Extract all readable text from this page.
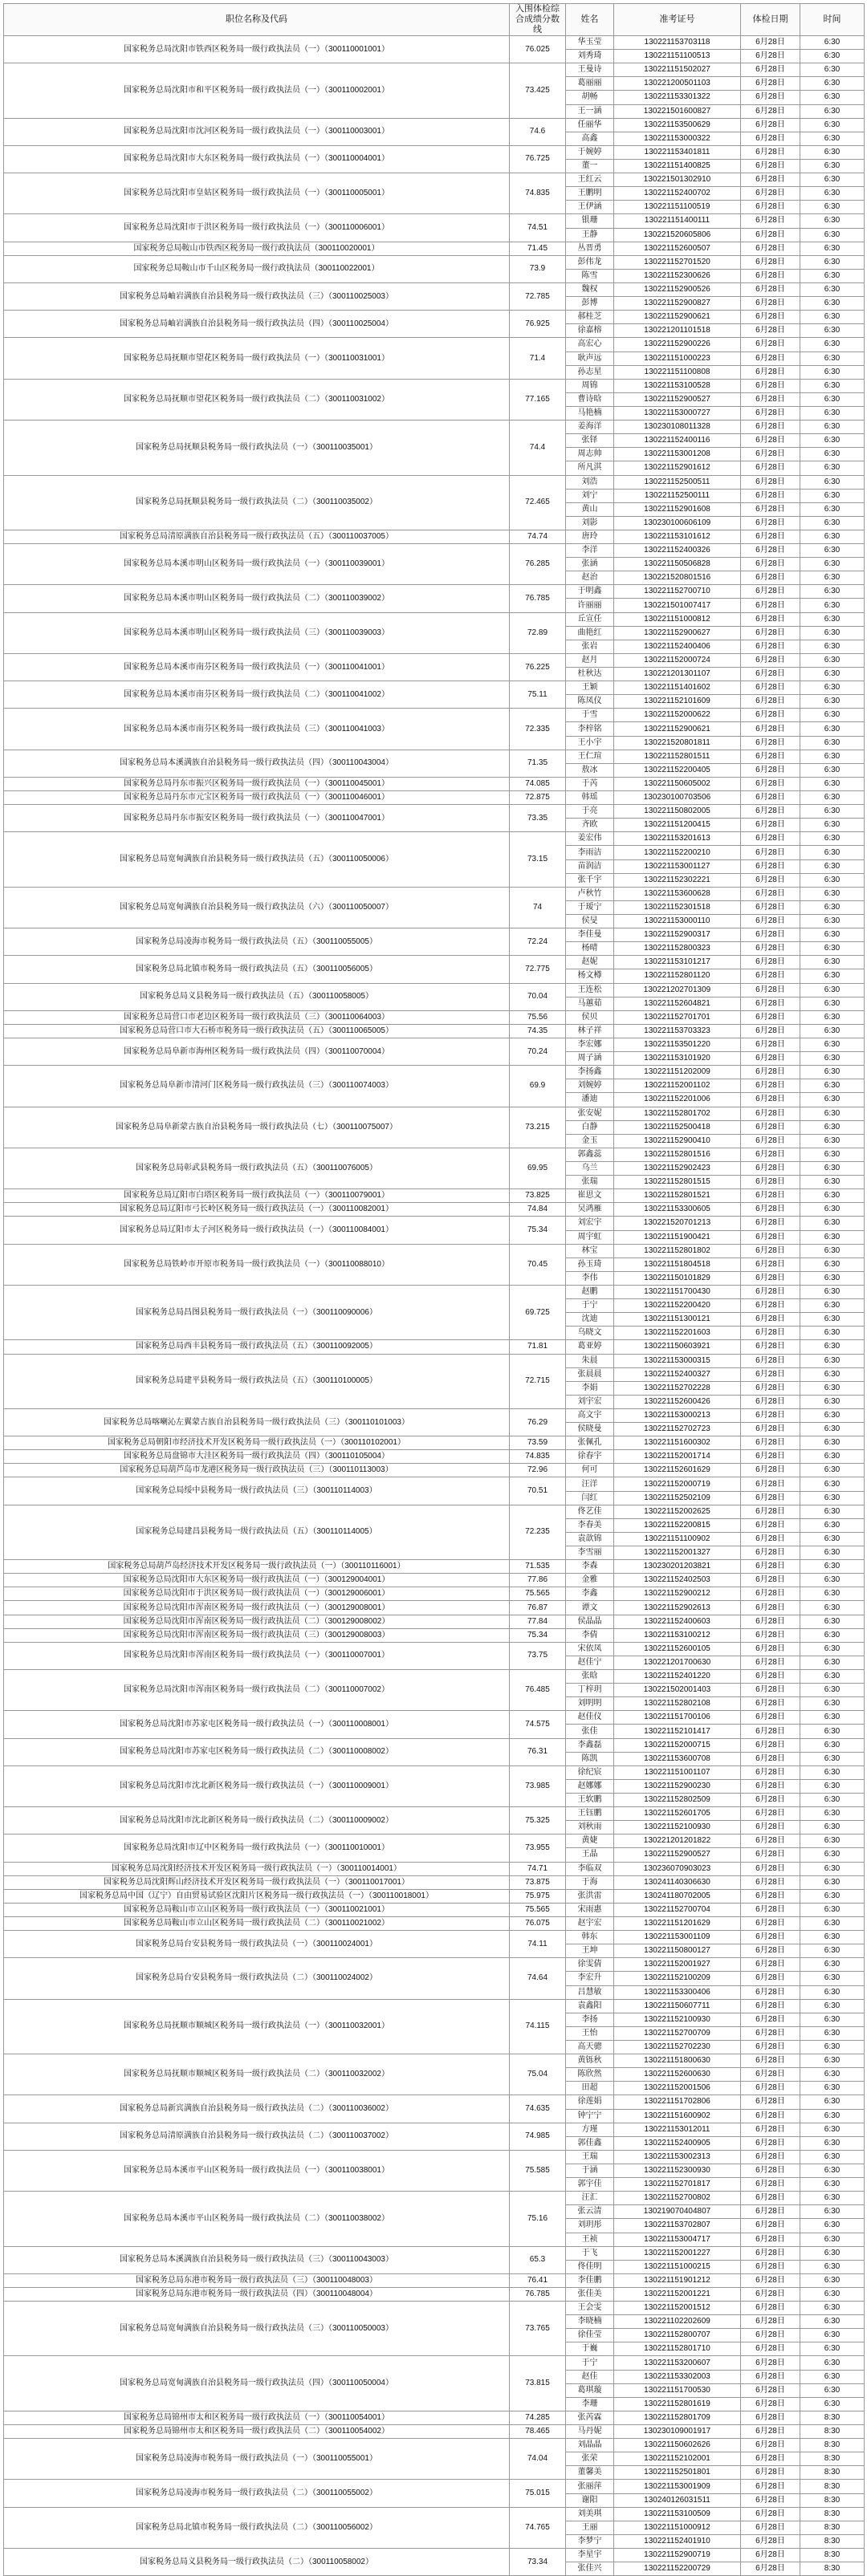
职位名称及代码	入围体检综合成绩分数线	姓名	准考证号	体检日期	时间
国家税务总局沈阳市铁西区税务局一级行政执法员（一）（300110001001）	76.025	华玉莹	130221153703118	6月28日	6:30
		刘秀琦	130221151100513	6月28日	6:30
国家税务总局沈阳市和平区税务局一级行政执法员（一）（300110002001）	73.425	王曼诗	130221151502027	6月28日	6:30
		葛丽丽	130221200501103	6月28日	6:30
		胡畅	130221153301322	6月28日	6:30
		王一涵	130221501600827	6月28日	6:30
国家税务总局沈阳市沈河区税务局一级行政执法员（一）（300110003001）	74.6	任丽华	130221153500629	6月28日	6:30
		高鑫	130221153000322	6月28日	6:30
国家税务总局沈阳市大东区税务局一级行政执法员（一）（300110004001）	76.725	于婉婷	130221153401811	6月28日	6:30
		董一	130221151400825	6月28日	6:30
国家税务总局沈阳市皇姑区税务局一级行政执法员（一）（300110005001）	74.835	王红云	130221501302910	6月28日	6:30
		王鹏明	130221152400702	6月28日	6:30
		王伊涵	130221151100519	6月28日	6:30
国家税务总局沈阳市于洪区税务局一级行政执法员（一）（300110006001）	74.51	银珊	130221151400111	6月28日	6:30
		王静	130221520605806	6月28日	6:30
国家税务总局鞍山市铁西区税务局一级行政执法员（300110020001）	71.45	丛晋勇	130221152600507	6月28日	6:30
国家税务总局鞍山市千山区税务局一级行政执法员（300110022001）	73.9	彭伟龙	130221152701520	6月28日	6:30
		陈雪	130221152300626	6月28日	6:30
国家税务总局岫岩满族自治县税务局一级行政执法员（三）（300110025003）	72.785	魏权	130221152900526	6月28日	6:30
		彭博	130221152900827	6月28日	6:30
国家税务总局岫岩满族自治县税务局一级行政执法员（四）（300110025004）	76.925	郝桂芝	130221152900621	6月28日	6:30
		徐嘉榕	130221201101518	6月28日	6:30
国家税务总局抚顺市望花区税务局一级行政执法员（一）（300110031001）	71.4	高宏心	130221152900226	6月28日	6:30
		耿声远	130221151000223	6月28日	6:30
		孙志星	130221151100808	6月28日	6:30
国家税务总局抚顺市望花区税务局一级行政执法员（二）（300110031002）	77.165	周锦	130221153100528	6月28日	6:30
		曹诗晗	130221152900527	6月28日	6:30
		马艳楠	130221153000727	6月28日	6:30
国家税务总局抚顺县税务局一级行政执法员（一）（300110035001）	74.4	姜海洋	130230108011328	6月28日	6:30
		张铎	130221152400116	6月28日	6:30
		周志帅	130221153001208	6月28日	6:30
		所凡淇	130221152901612	6月28日	6:30
国家税务总局抚顺县税务局一级行政执法员（二）（300110035002）	72.465	刘浩	130221152500511	6月28日	6:30
		刘宁	130221152500111	6月28日	6:30
		黄山	130221152901608	6月28日	6:30
		刘影	130230100606109	6月28日	6:30
国家税务总局清原满族自治县税务局一级行政执法员（五）（300110037005）	74.74	唐玲	130221153101612	6月28日	6:30
国家税务总局本溪市明山区税务局一级行政执法员（一）（300110039001）	76.285	李洋	130221152400326	6月28日	6:30
		张涵	130221150506828	6月28日	6:30
		赵治	130221520801516	6月28日	6:30
国家税务总局本溪市明山区税务局一级行政执法员（二）（300110039002）	76.785	于明鑫	130221152700710	6月28日	6:30
		许丽丽	130221501007417	6月28日	6:30
国家税务总局本溪市明山区税务局一级行政执法员（三）（300110039003）	72.89	丘宣任	130221151000812	6月28日	6:30
		曲艳红	130221152900627	6月28日	6:30
		张岩	130221152400406	6月28日	6:30
国家税务总局本溪市南芬区税务局一级行政执法员（一）（300110041001）	76.225	赵月	130221152000724	6月28日	6:30
		杜秋达	130221201301107	6月28日	6:30
国家税务总局本溪市南芬区税务局一级行政执法员（二）（300110041002）	75.11	王颖	130221151401602	6月28日	6:30
		陈凤仪	130221152101609	6月28日	6:30
国家税务总局本溪市南芬区税务局一级行政执法员（三）（300110041003）	72.335	于雪	130221152000622	6月28日	6:30
		李梓铭	130221152900621	6月28日	6:30
		王小宇	130221520801811	6月28日	6:30
国家税务总局本溪满族自治县税务局一级行政执法员（四）（300110043004）	71.35	王仁瑄	130221152801511	6月28日	6:30
		敖冰	130221152200405	6月28日	6:30
国家税务总局丹东市振兴区税务局一级行政执法员（一）（300110045001）	74.085	于芮	130221150605002	6月28日	6:30
国家税务总局丹东市元宝区税务局一级行政执法员（一）（300110046001）	72.875	韩瑶	130230100703506	6月28日	6:30
国家税务总局丹东市振安区税务局一级行政执法员（一）（300110047001）	73.35	于亮	130221150802005	6月28日	6:30
		齐欧	130221151200415	6月28日	6:30
国家税务总局宽甸满族自治县税务局一级行政执法员（五）（300110050006）	73.15	姜宏伟	130221153201613	6月28日	6:30
		李雨洁	130221152200210	6月28日	6:30
		苗润洁	130221153001127	6月28日	6:30
		张千宇	130221152302221	6月28日	6:30
国家税务总局宽甸满族自治县税务局一级行政执法员（六）（300110050007）	74	卢秋竹	130221153600628	6月28日	6:30
		于瑷宁	130221152301518	6月28日	6:30
		侯旻	130221153000110	6月28日	6:30
国家税务总局凌海市税务局一级行政执法员（五）（300110055005）	72.24	李佳曼	130221152900317	6月28日	6:30
		杨晴	130221152800323	6月28日	6:30
国家税务总局北镇市税务局一级行政执法员（五）（300110056005）	72.775	赵妮	130221153101217	6月28日	6:30
		杨文樽	130221152801120	6月28日	6:30
国家税务总局义县税务局一级行政执法员（五）（300110058005）	70.04	王连松	130221202701309	6月28日	6:30
		马蕙茹	130221152604821	6月28日	6:30
国家税务总局营口市老边区税务局一级行政执法员（三）（300110064003）	75.56	侯贝	130221152701701	6月28日	6:30
国家税务总局营口市大石桥市税务局一级行政执法员（五）（300110065005）	74.35	林子祥	130221153703323	6月28日	6:30
国家税务总局阜新市海州区税务局一级行政执法员（四）（300110070004）	70.24	李宏娜	130221153501220	6月28日	6:30
		周子涵	130221153101920	6月28日	6:30
国家税务总局阜新市清河门区税务局一级行政执法员（三）（300110074003）	69.9	李扬鑫	130221151202009	6月28日	6:30
		刘婉婷	130221152001102	6月28日	6:30
		潘迪	130221152201006	6月28日	6:30
国家税务总局阜新蒙古族自治县税务局一级行政执法员（七）（300110075007）	73.215	张安妮	130221152801702	6月28日	6:30
		白静	130221152500418	6月28日	6:30
		金玉	130221152900410	6月28日	6:30
国家税务总局彰武县税务局一级行政执法员（五）（300110076005）	69.95	郭鑫蕊	130221152801516	6月28日	6:30
		乌兰	130221152902423	6月28日	6:30
		张瑞	130221152801515	6月28日	6:30
国家税务总局辽阳市白塔区税务局一级行政执法员（一）（300110079001）	73.825	崔思文	130221152801521	6月28日	6:30
国家税务总局辽阳市弓长岭区税务局一级行政执法员（一）（300110082001）	74.84	吴鸿雁	130221153300605	6月28日	6:30
国家税务总局辽阳市太子河区税务局一级行政执法员（一）（300110084001）	75.34	刘宏宇	130221520701213	6月28日	6:30
		周宇虹	130221151900421	6月28日	6:30
国家税务总局铁岭市开原市税务局一级行政执法员（一）（300110088010）	70.45	林宝	130221152801802	6月28日	6:30
		孙玉琦	130221151804518	6月28日	6:30
		李伟	130221150101829	6月28日	6:30
国家税务总局昌图县税务局一级行政执法员（一）（300110090006）	69.725	赵鹏	130221151700430	6月28日	6:30
		于宁	130221152200420	6月28日	6:30
		沈迪	130221151300121	6月28日	6:30
		乌晓文	130221152201603	6月28日	6:30
国家税务总局西丰县税务局一级行政执法员（五）（300110092005）	71.81	葛亚婷	130221150603921	6月28日	6:30
国家税务总局建平县税务局一级行政执法员（五）（300110100005）	72.715	朱晨	130221153000315	6月28日	6:30
		张晨晨	130221152400327	6月28日	6:30
		李娟	130221152702228	6月28日	6:30
		刘宇宏	130221152600426	6月28日	6:30
国家税务总局喀喇沁左翼蒙古族自治县税务局一级行政执法员（三）（300110101003）	76.29	高文宇	130221153000213	6月28日	6:30
		侯晓曼	130221152702723	6月28日	6:30
国家税务总局朝阳市经济技术开发区税务局一级行政执法员（一）（300110102001）	73.59	张佩孔	130221151600302	6月28日	6:30
国家税务总局盘锦市大洼区税务局一级行政执法员（四）（300110105004）	74.835	徐春宇	130221152001714	6月28日	6:30
国家税务总局葫芦岛市龙港区税务局一级行政执法员（三）（300110113003）	72.96	何可	130221152601629	6月28日	6:30
国家税务总局绥中县税务局一级行政执法员（三）（300110114003）	70.51	汪洋	130221152000719	6月28日	6:30
		闫红	130221152502109	6月28日	6:30
国家税务总局建昌县税务局一级行政执法员（五）（300110114005）	72.235	佟艺佳	130221152002625	6月28日	6:30
		李春美	130221152200815	6月28日	6:30
		袁歆锦	130221151100902	6月28日	6:30
		李雪丽	130221152001327	6月28日	6:30
国家税务总局葫芦岛经济技术开发区税务局一级行政执法员（一）（300110116001）	71.535	李森	130230201203821	6月28日	6:30
国家税务总局沈阳市大东区税务局一级行政执法员（一）（300129004001）	77.86	金雅	130221152402503	6月28日	6:30
国家税务总局沈阳市于洪区税务局一级行政执法员（一）（300129006001）	75.565	李鑫	130221152900212	6月28日	6:30
国家税务总局沈阳市浑南区税务局一级行政执法员（一）（300129008001）	76.87	谭文	130221152902613	6月28日	6:30
国家税务总局沈阳市浑南区税务局一级行政执法员（二）（300129008002）	77.84	侯晶晶	130221152400603	6月28日	6:30
国家税务总局沈阳市浑南区税务局一级行政执法员（三）（300129008003）	75.34	李倩	130221153100212	6月28日	6:30
国家税务总局沈阳市浑南区税务局一级行政执法员（一）（300110007001）	73.75	宋依凤	130221152600105	6月28日	6:30
		赵佳宁	130221201700630	6月28日	6:30
国家税务总局沈阳市浑南区税务局一级行政执法员（二）（300110007002）	76.485	张晗	130221152401220	6月28日	6:30
		丁梓玥	130221502001403	6月28日	6:30
		刘明明	130221152802108	6月28日	6:30
国家税务总局沈阳市苏家屯区税务局一级行政执法员（一）（300110008001）	74.575	赵佳仪	130221151700106	6月28日	6:30
		张佳	130221152101417	6月28日	6:30
国家税务总局沈阳市苏家屯区税务局一级行政执法员（二）（300110008002）	76.31	李鑫磊	130221152000715	6月28日	6:30
		陈凯	130221153600708	6月28日	6:30
国家税务总局沈阳市沈北新区税务局一级行政执法员（一）（300110009001）	73.985	徐纪宸	130221151001107	6月28日	6:30
		赵娜娜	130221152900230	6月28日	6:30
		王软鹏	130221152802509	6月28日	6:30
国家税务总局沈阳市沈北新区税务局一级行政执法员（二）（300110009002）	75.325	王钰鹏	130221152601705	6月28日	6:30
		刘秋雨	130221152100930	6月28日	6:30
国家税务总局沈阳市辽中区税务局一级行政执法员（一）（300110010001）	73.955	黄婕	130221201201822	6月28日	6:30
		王晶	130221152900527	6月28日	6:30
国家税务总局沈阳经济技术开发区税务局一级行政执法员（一）（300110014001）	74.71	李临双	130236070903023	6月28日	6:30
国家税务总局沈阳辉山经济技术开发区税务局一级行政执法员（一）（300110017001）	73.875	于海	130241140306630	6月28日	6:30
国家税务总局中国（辽宁）自由贸易试验区沈阳片区税务局一级行政执法员（一）（300110018001）	75.975	张洪雷	130241180702005	6月28日	6:30
国家税务总局鞍山市立山区税务局一级行政执法员（一）（300110021001）	75.565	宋雨惠	130221152700704	6月28日	6:30
国家税务总局鞍山市立山区税务局一级行政执法员（二）（300110021002）	76.075	赵宇宏	130221151201629	6月28日	6:30
国家税务总局台安县税务局一级行政执法员（一）（300110024001）	74.11	韩东	130221153001109	6月28日	6:30
		王坤	130221150800127	6月28日	6:30
国家税务总局台安县税务局一级行政执法员（二）（300110024002）	74.64	徐雯倩	130221152001927	6月28日	6:30
		李宏升	130221152100209	6月28日	6:30
		吕慧敏	130221153300406	6月28日	6:30
国家税务总局抚顺市顺城区税务局一级行政执法员（一）（300110032001）	74.115	袁鑫阳	130221150607711	6月28日	6:30
		李扬	130221152100930	6月28日	6:30
		王怡	130221152700709	6月28日	6:30
		高天骢	130221152702230	6月28日	6:30
国家税务总局抚顺市顺城区税务局一级行政执法员（二）（300110032002）	75.04	黄铄秋	130221151800630	6月28日	6:30
		陈欣然	130221152600630	6月28日	6:30
		田超	130221152001506	6月28日	6:30
国家税务总局新宾满族自治县税务局一级行政执法员（二）（300110036002）	74.635	徐莲娟	130221151702806	6月28日	6:30
		钟宁宁	130221151600902	6月28日	6:30
国家税务总局清原满族自治县税务局一级行政执法员（二）（300110037002）	74.985	方瑾	130221153012011	6月28日	6:30
		郭佳鑫	130221152400905	6月28日	6:30
国家税务总局本溪市平山区税务局一级行政执法员（一）（300110038001）	75.585	王瑞	130221153002313	6月28日	6:30
		于涵	130221152300930	6月28日	6:30
		郭宇佳	130221152701817	6月28日	6:30
国家税务总局本溪市平山区税务局一级行政执法员（二）（300110038002）	75.16	汪汇	130221152700802	6月28日	6:30
		张云清	130219070404807	6月28日	6:30
		刘玥彤	130221153702807	6月28日	6:30
		王祯	130221153004717	6月28日	6:30
国家税务总局本溪满族自治县税务局一级行政执法员（三）（300110043003）	65.3	于飞	130221152001227	6月28日	6:30
		佟佳明	130221151000215	6月28日	6:30
国家税务总局东港市税务局一级行政执法员（三）（300110048003）	76.41	李佳鹏	130221151901212	6月28日	6:30
国家税务总局东港市税务局一级行政执法员（四）（300110048004）	76.785	张佳美	130221152001221	6月28日	6:30
国家税务总局宽甸满族自治县税务局一级行政执法员（三）（300110050003）	73.765	王会雯	130221152001512	6月28日	6:30
		李晓楠	130221102202609	6月28日	6:30
		徐佳莹	130221152800707	6月28日	6:30
		于巍	130221152801710	6月28日	6:30
国家税务总局宽甸满族自治县税务局一级行政执法员（四）（300110050004）	73.815	于宁	130221153200607	6月28日	6:30
		赵佳	130221153302003	6月28日	6:30
		葛琪璇	130221151700530	6月28日	6:30
		李珊	130221152801619	6月28日	6:30
国家税务总局锦州市太和区税务局一级行政执法员（一）（300110054001）	74.285	张芮霖	130221152801709	6月28日	8:30
国家税务总局锦州市太和区税务局一级行政执法员（二）（300110054002）	78.465	马丹妮	130230109001917	6月28日	8:30
国家税务总局凌海市税务局一级行政执法员（一）（300110055001）	74.04	刘晶晶	130221150602626	6月28日	8:30
		张荣	130221152102001	6月28日	8:30
		董馨美	130221152501801	6月28日	8:30
国家税务总局凌海市税务局一级行政执法员（二）（300110055002）	75.015	张丽萍	130221153001909	6月28日	8:30
		谢阳	130240126031511	6月28日	8:30
国家税务总局北镇市税务局一级行政执法员（二）（300110056002）	74.765	刘美琪	130221153100509	6月28日	8:30
		王丽	130221151000912	6月28日	8:30
		李梦宁	130221152401910	6月28日	8:30
国家税务总局义县税务局一级行政执法员（二）（300110058002）	73.34	李星宇	130221152900719	6月28日	8:30
		张佳兴	130221152200729	6月28日	8:30
